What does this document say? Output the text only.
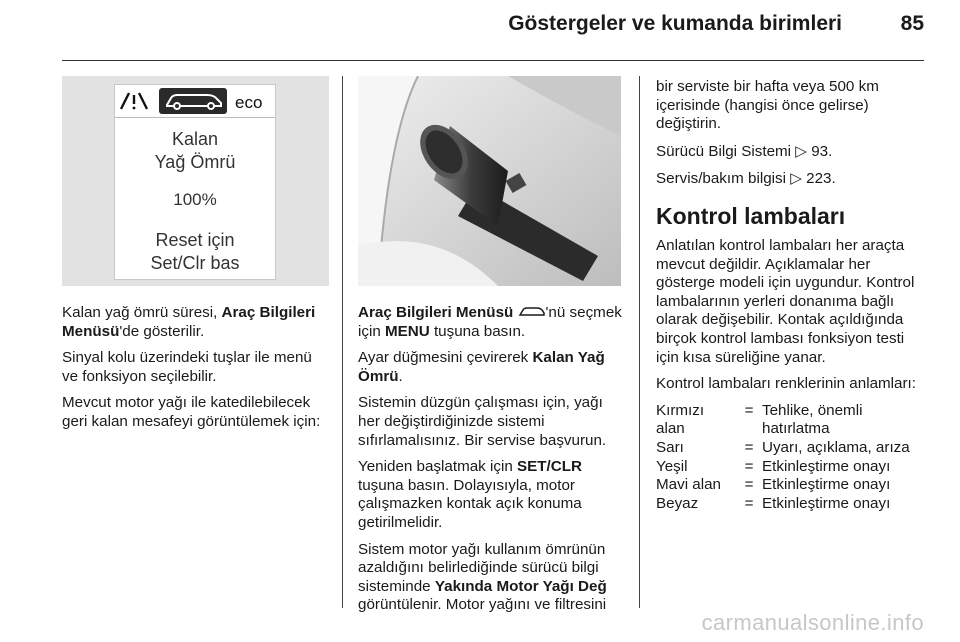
Göstergeler ve kumanda birimleri	85
eco
Kalan
Yağ Ömrü
100%
Reset için
Set/Clr bas

Kalan yağ ömrü süresi, Araç Bilgileri Menüsü'de gösterilir.

Sinyal kolu üzerindeki tuşlar ile menü ve fonksiyon seçilebilir.

Mevcut motor yağı ile katedilebilecek geri kalan mesafeyi görüntülemek için:

Araç Bilgileri Menüsü 'nü seçmek için MENU tuşuna basın.

Ayar düğmesini çevirerek Kalan Yağ Ömrü.

Sistemin düzgün çalışması için, yağı her değiştirdiğinizde sistemi sıfırlamalısınız. Bir servise başvurun.

Yeniden başlatmak için SET/CLR tuşuna basın. Dolayısıyla, motor çalışmazken kontak açık konuma getirilmelidir.

Sistem motor yağı kullanım ömrünün azaldığını belirlediğinde sürücü bilgi sisteminde Yakında Motor Yağı Değ görüntülenir. Motor yağını ve filtresini

bir serviste bir hafta veya 500 km içerisinde (hangisi önce gelirse) değiştirin.

Sürücü Bilgi Sistemi ▷ 93.

Servis/bakım bilgisi ▷ 223.

Kontrol lambaları

Anlatılan kontrol lambaları her araçta mevcut değildir. Açıklamalar her gösterge modeli için uygundur. Kontrol lambalarının yerleri donanıma bağlı olarak değişebilir. Kontak açıldığında birçok kontrol lambası fonksiyon testi için kısa süreliğine yanar.

Kontrol lambaları renklerinin anlamları:

Kırmızı alan	=	Tehlike, önemli hatırlatma
Sarı	=	Uyarı, açıklama, arıza
Yeşil	=	Etkinleştirme onayı
Mavi alan	=	Etkinleştirme onayı
Beyaz	=	Etkinleştirme onayı
carmanualsonline.info
